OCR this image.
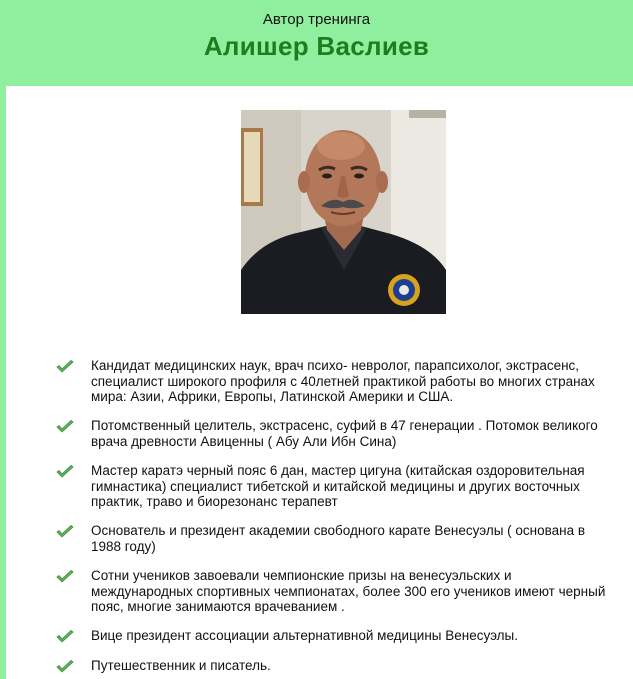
Автор тренинга
Алишер Васлиев
Кандидат медицинских наук, врач психо- невролог, парапсихолог, экстрасенс, специалист широкого профиля с 40летней практикой работы во многих странах мира: Азии, Африки, Европы, Латинской Америки и США.
Потомственный целитель, экстрасенс, суфий в 47 генерации . Потомок великого врача древности Авиценны ( Абу Али Ибн Сина)
Мастер каратэ черный пояс 6 дан, мастер цигуна (китайская оздоровительная гимнастика) специалист тибетской и китайской медицины и других восточных практик, траво и биорезонанс терапевт
Основатель и президент академии свободного карате Венесуэлы ( основана в 1988 году)
Сотни учеников завоевали чемпионские призы на венесуэльских и международных спортивных чемпионатах, более 300 его учеников имеют черный пояс, многие занимаются врачеванием .
Вице президент ассоциации альтернативной медицины Венесуэлы.
Путешественник и писатель.
